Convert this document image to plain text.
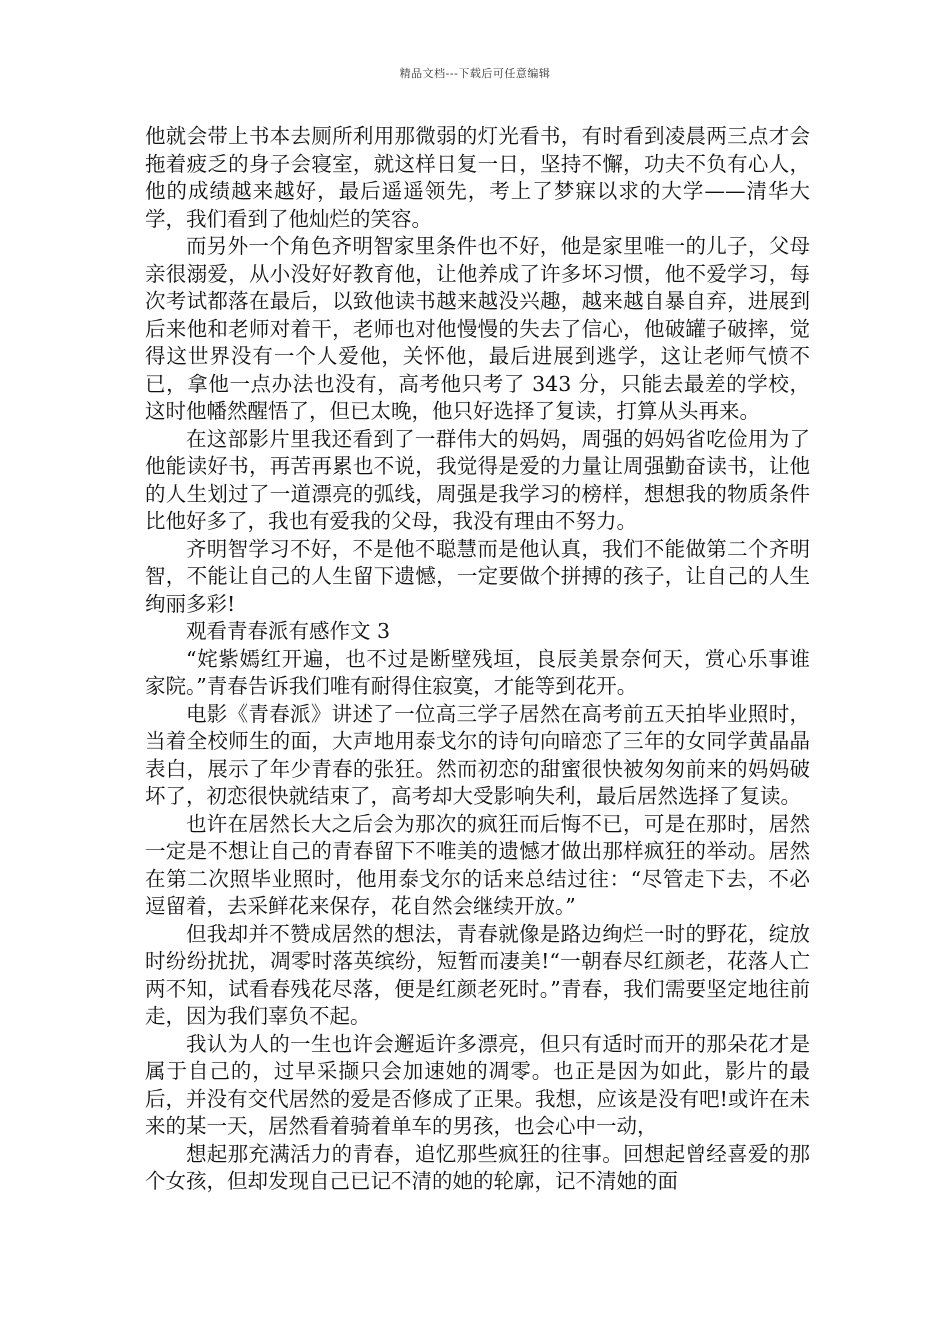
精品文档---下载后可任意编辑

他就会带上书本去厕所利用那微弱的灯光看书，有时看到凌晨两三点才会拖着疲乏的身子会寝室，就这样日复一日，坚持不懈，功夫不负有心人，他的成绩越来越好，最后遥遥领先，考上了梦寐以求的大学——清华大学，我们看到了他灿烂的笑容。

而另外一个角色齐明智家里条件也不好，他是家里唯一的儿子，父母亲很溺爱，从小没好好教育他，让他养成了许多坏习惯，他不爱学习，每次考试都落在最后，以致他读书越来越没兴趣，越来越自暴自弃，进展到后来他和老师对着干，老师也对他慢慢的失去了信心，他破罐子破摔，觉得这世界没有一个人爱他，关怀他，最后进展到逃学，这让老师气愤不已，拿他一点办法也没有，高考他只考了 343 分，只能去最差的学校，这时他幡然醒悟了，但已太晚，他只好选择了复读，打算从头再来。

在这部影片里我还看到了一群伟大的妈妈，周强的妈妈省吃俭用为了他能读好书，再苦再累也不说，我觉得是爱的力量让周强勤奋读书，让他的人生划过了一道漂亮的弧线，周强是我学习的榜样，想想我的物质条件比他好多了，我也有爱我的父母，我没有理由不努力。

齐明智学习不好，不是他不聪慧而是他认真，我们不能做第二个齐明智，不能让自己的人生留下遗憾，一定要做个拼搏的孩子，让自己的人生绚丽多彩!

观看青春派有感作文 3

“姹紫嫣红开遍，也不过是断壁残垣，良辰美景奈何天，赏心乐事谁家院。”青春告诉我们唯有耐得住寂寞，才能等到花开。

电影《青春派》讲述了一位高三学子居然在高考前五天拍毕业照时，当着全校师生的面，大声地用泰戈尔的诗句向暗恋了三年的女同学黄晶晶表白，展示了年少青春的张狂。然而初恋的甜蜜很快被匆匆前来的妈妈破坏了，初恋很快就结束了，高考却大受影响失利，最后居然选择了复读。

也许在居然长大之后会为那次的疯狂而后悔不已，可是在那时，居然一定是不想让自己的青春留下不唯美的遗憾才做出那样疯狂的举动。居然在第二次照毕业照时，他用泰戈尔的话来总结过往：“尽管走下去，不必逗留着，去采鲜花来保存，花自然会继续开放。”

但我却并不赞成居然的想法，青春就像是路边绚烂一时的野花，绽放时纷纷扰扰，凋零时落英缤纷，短暂而凄美!“一朝春尽红颜老，花落人亡两不知，试看春残花尽落，便是红颜老死时。”青春，我们需要坚定地往前走，因为我们辜负不起。

我认为人的一生也许会邂逅许多漂亮，但只有适时而开的那朵花才是属于自己的，过早采撷只会加速她的凋零。也正是因为如此，影片的最后，并没有交代居然的爱是否修成了正果。我想，应该是没有吧!或许在未来的某一天，居然看着骑着单车的男孩，也会心中一动，

想起那充满活力的青春，追忆那些疯狂的往事。回想起曾经喜爱的那个女孩，但却发现自己已记不清的她的轮廓，记不清她的面
